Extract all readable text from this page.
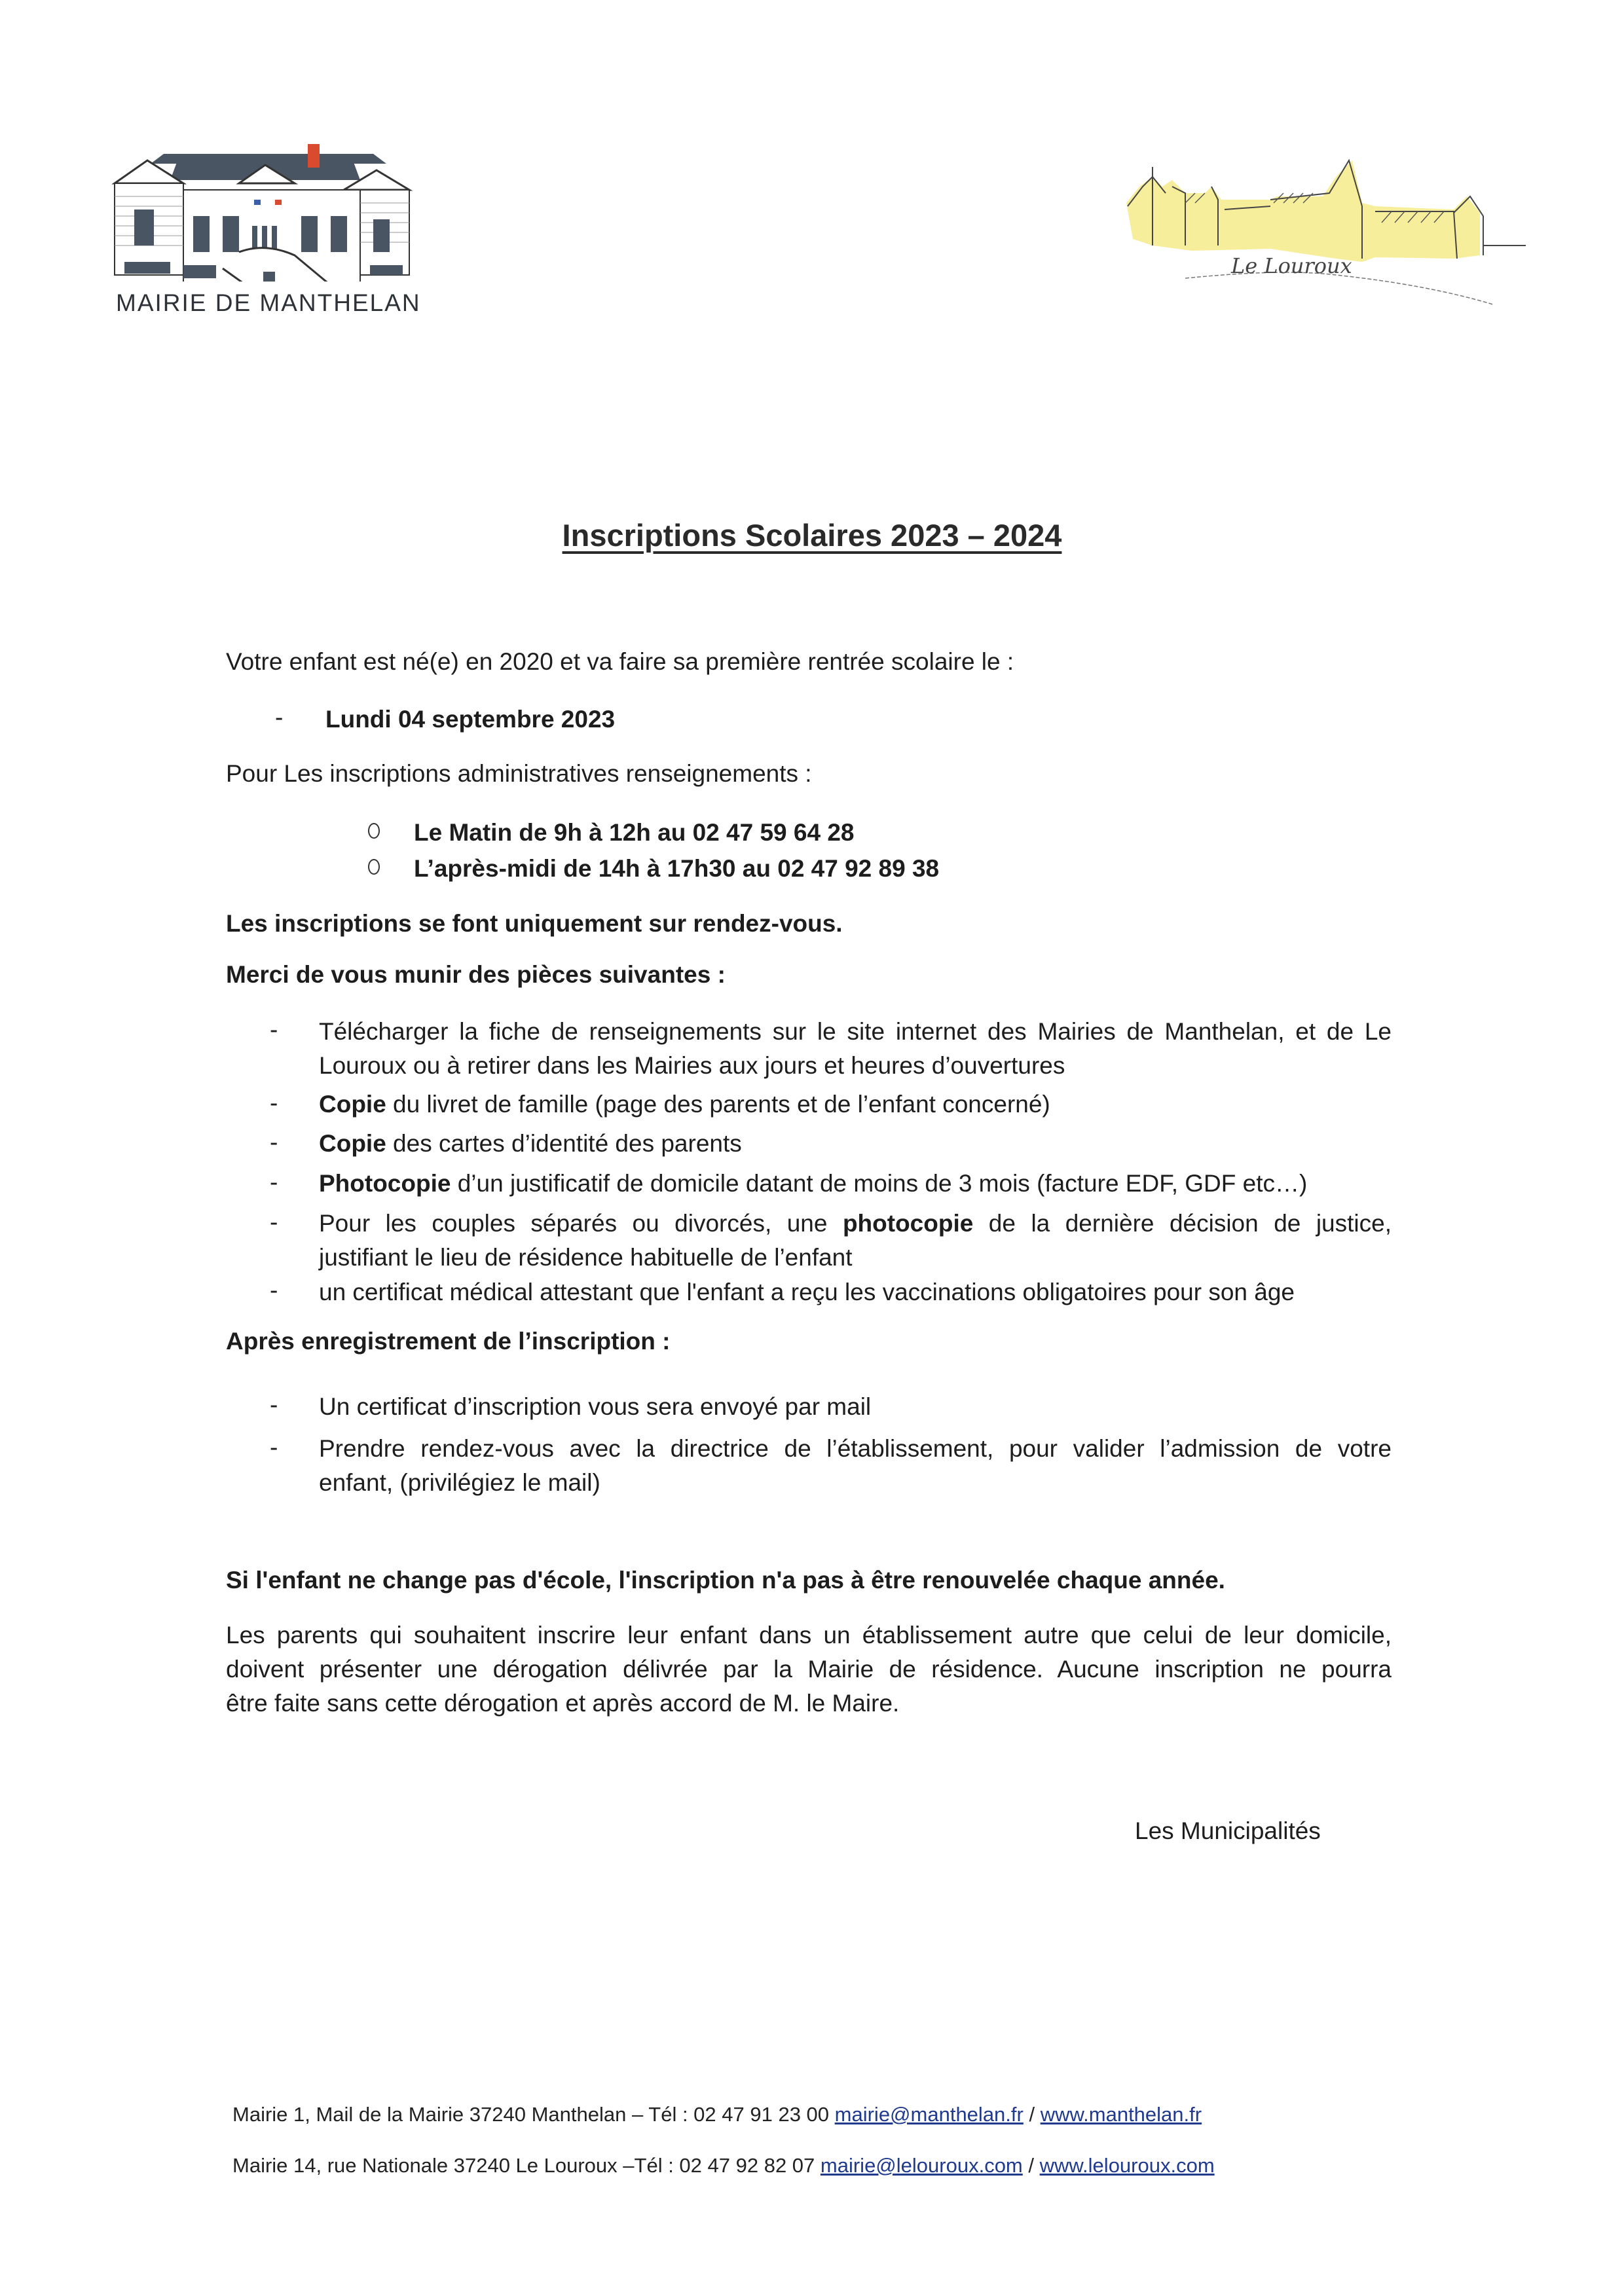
MAIRIE DE MANTHELAN
Le Louroux
Inscriptions Scolaires 2023 – 2024
Votre enfant est né(e) en 2020 et va faire sa première rentrée scolaire le :
- Lundi 04 septembre 2023
Pour Les inscriptions administratives renseignements :
Le Matin de 9h à 12h au 02 47 59 64 28
L’après-midi de 14h à 17h30 au 02 47 92 89 38
Les inscriptions se font uniquement sur rendez-vous.
Merci de vous munir des pièces suivantes :
- Télécharger la fiche de renseignements sur le site internet des Mairies de Manthelan, et de Le
Louroux ou à retirer dans les Mairies aux jours et heures d’ouvertures
- Copie du livret de famille (page des parents et de l’enfant concerné)
- Copie des cartes d’identité des parents
- Photocopie d’un justificatif de domicile datant de moins de 3 mois (facture EDF, GDF etc…)
- Pour les couples séparés ou divorcés, une photocopie de la dernière décision de justice,
justifiant le lieu de résidence habituelle de l’enfant
- un certificat médical attestant que l'enfant a reçu les vaccinations obligatoires pour son âge
Après enregistrement de l’inscription :
- Un certificat d’inscription vous sera envoyé par mail
- Prendre rendez-vous avec la directrice de l’établissement, pour valider l’admission de votre
enfant, (privilégiez le mail)
Si l'enfant ne change pas d'école, l'inscription n'a pas à être renouvelée chaque année.
Les parents qui souhaitent inscrire leur enfant dans un établissement autre que celui de leur domicile,
doivent présenter une dérogation délivrée par la Mairie de résidence. Aucune inscription ne pourra
être faite sans cette dérogation et après accord de M. le Maire.
Les Municipalités
Mairie 1, Mail de la Mairie 37240 Manthelan – Tél : 02 47 91 23 00 mairie@manthelan.fr / www.manthelan.fr
Mairie 14, rue Nationale 37240 Le Louroux –Tél : 02 47 92 82 07 mairie@lelouroux.com / www.lelouroux.com
